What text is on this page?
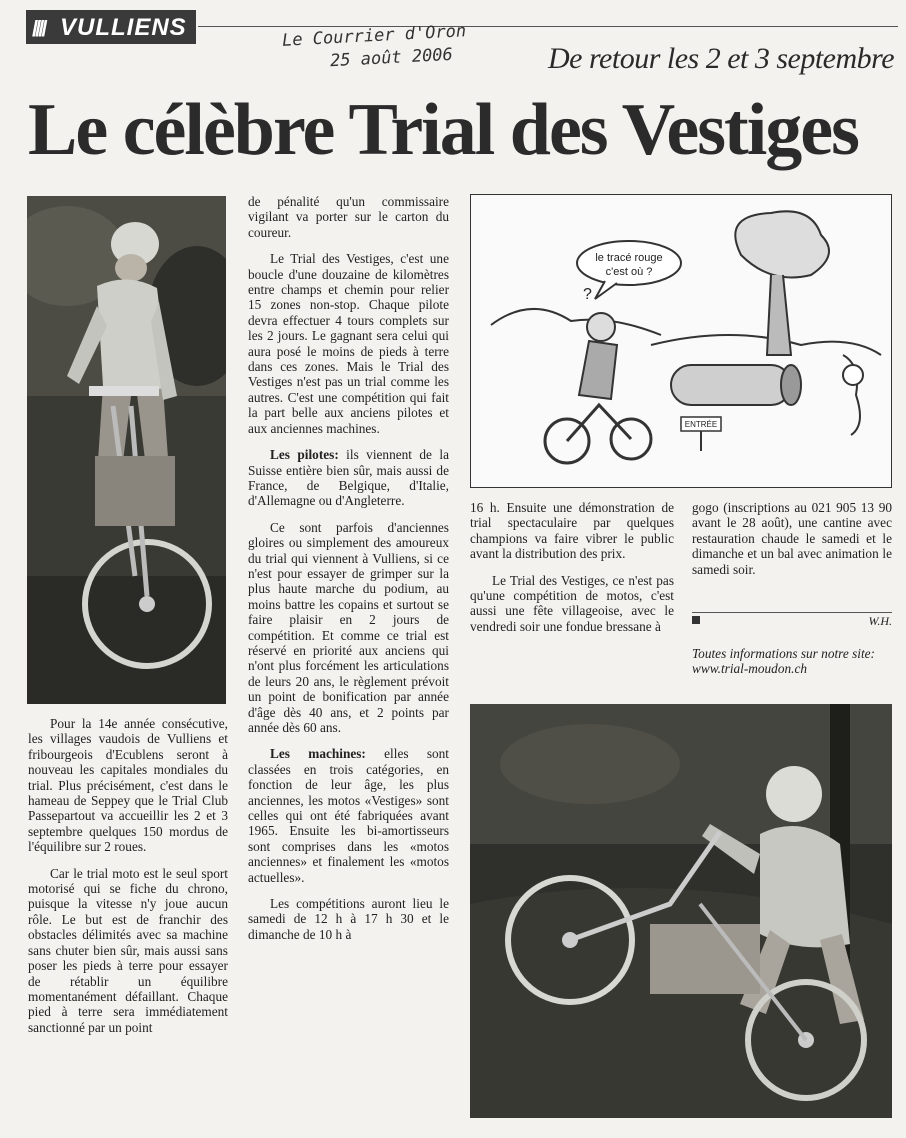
//// VULLIENS	Le Courrier d'Oron
25 août 2006	De retour les 2 et 3 septembre
Le célèbre Trial des Vestiges

Pour la 14e année consécutive, les villages vaudois de Vulliens et fribourgeois d'Ecublens seront à nouveau les capitales mondiales du trial. Plus précisément, c'est dans le hameau de Seppey que le Trial Club Passepartout va accueillir les 2 et 3 septembre quelques 150 mordus de l'équilibre sur 2 roues.

Car le trial moto est le seul sport motorisé qui se fiche du chrono, puisque la vitesse n'y joue aucun rôle. Le but est de franchir des obstacles délimités avec sa machine sans chuter bien sûr, mais aussi sans poser les pieds à terre pour essayer de rétablir un équilibre momentanément défaillant. Chaque pied à terre sera immédiatement sanctionné par un point

de pénalité qu'un commissaire vigilant va porter sur le carton du coureur.

Le Trial des Vestiges, c'est une boucle d'une douzaine de kilomètres entre champs et chemin pour relier 15 zones non-stop. Chaque pilote devra effectuer 4 tours complets sur les 2 jours. Le gagnant sera celui qui aura posé le moins de pieds à terre dans ces zones. Mais le Trial des Vestiges n'est pas un trial comme les autres. C'est une compétition qui fait la part belle aux anciens pilotes et aux anciennes machines.

Les pilotes: ils viennent de la Suisse entière bien sûr, mais aussi de France, de Belgique, d'Italie, d'Allemagne ou d'Angleterre.

Ce sont parfois d'anciennes gloires ou simplement des amoureux du trial qui viennent à Vulliens, si ce n'est pour essayer de grimper sur la plus haute marche du podium, au moins battre les copains et surtout se faire plaisir en 2 jours de compétition. Et comme ce trial est réservé en priorité aux anciens qui n'ont plus forcément les articulations de leurs 20 ans, le règlement prévoit un point de bonification par année d'âge dès 40 ans, et 2 points par année dès 60 ans.

Les machines: elles sont classées en trois catégories, en fonction de leur âge, les plus anciennes, les motos «Vestiges» sont celles qui ont été fabriquées avant 1965. Ensuite les bi-amortisseurs sont comprises dans les «motos anciennes» et finalement les «motos actuelles».

Les compétitions auront lieu le samedi de 12 h à 17 h 30 et le dimanche de 10 h à

le tracé rouge
c'est où ?
?
ENTRÉE

16 h. Ensuite une démonstration de trial spectaculaire par quelques champions va faire vibrer le public avant la distribution des prix.

Le Trial des Vestiges, ce n'est pas qu'une compétition de motos, c'est aussi une fête villageoise, avec le vendredi soir une fondue bressane à

gogo (inscriptions au 021 905 13 90 avant le 28 août), une cantine avec restauration chaude le samedi et le dimanche et un bal avec animation le samedi soir.

W.H.
Toutes informations sur notre site: www.trial-moudon.ch
